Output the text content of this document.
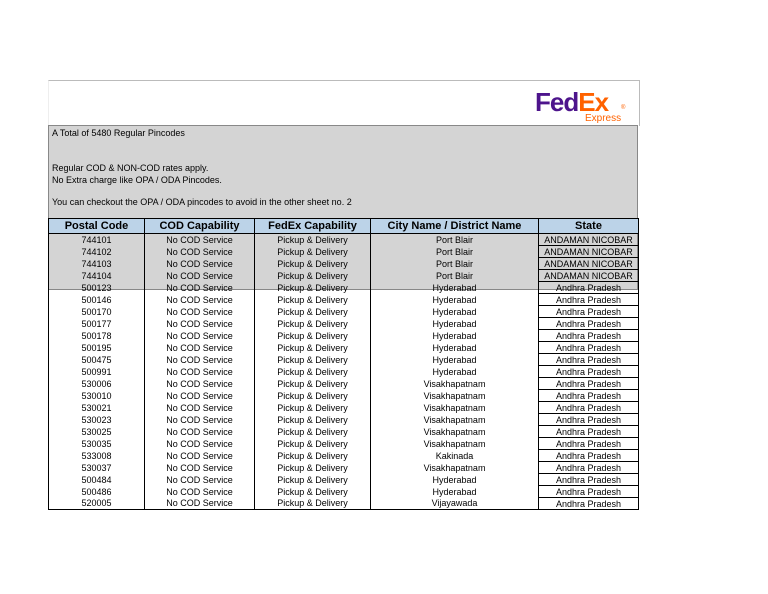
FedEx ®
Express
A Total of 5480 Regular Pincodes
Regular COD & NON-COD rates apply.
No Extra charge like OPA / ODA Pincodes.
You can checkout the OPA / ODA pincodes to avoid in the other sheet no. 2
Postal Code	COD Capability	FedEx Capability	City Name / District Name	State
744101	No COD Service	Pickup & Delivery	Port Blair	ANDAMAN NICOBAR
744102	No COD Service	Pickup & Delivery	Port Blair	ANDAMAN NICOBAR
744103	No COD Service	Pickup & Delivery	Port Blair	ANDAMAN NICOBAR
744104	No COD Service	Pickup & Delivery	Port Blair	ANDAMAN NICOBAR
500123	No COD Service	Pickup & Delivery	Hyderabad	Andhra Pradesh
500146	No COD Service	Pickup & Delivery	Hyderabad	Andhra Pradesh
500170	No COD Service	Pickup & Delivery	Hyderabad	Andhra Pradesh
500177	No COD Service	Pickup & Delivery	Hyderabad	Andhra Pradesh
500178	No COD Service	Pickup & Delivery	Hyderabad	Andhra Pradesh
500195	No COD Service	Pickup & Delivery	Hyderabad	Andhra Pradesh
500475	No COD Service	Pickup & Delivery	Hyderabad	Andhra Pradesh
500991	No COD Service	Pickup & Delivery	Hyderabad	Andhra Pradesh
530006	No COD Service	Pickup & Delivery	Visakhapatnam	Andhra Pradesh
530010	No COD Service	Pickup & Delivery	Visakhapatnam	Andhra Pradesh
530021	No COD Service	Pickup & Delivery	Visakhapatnam	Andhra Pradesh
530023	No COD Service	Pickup & Delivery	Visakhapatnam	Andhra Pradesh
530025	No COD Service	Pickup & Delivery	Visakhapatnam	Andhra Pradesh
530035	No COD Service	Pickup & Delivery	Visakhapatnam	Andhra Pradesh
533008	No COD Service	Pickup & Delivery	Kakinada	Andhra Pradesh
530037	No COD Service	Pickup & Delivery	Visakhapatnam	Andhra Pradesh
500484	No COD Service	Pickup & Delivery	Hyderabad	Andhra Pradesh
500486	No COD Service	Pickup & Delivery	Hyderabad	Andhra Pradesh
520005	No COD Service	Pickup & Delivery	Vijayawada	Andhra Pradesh
